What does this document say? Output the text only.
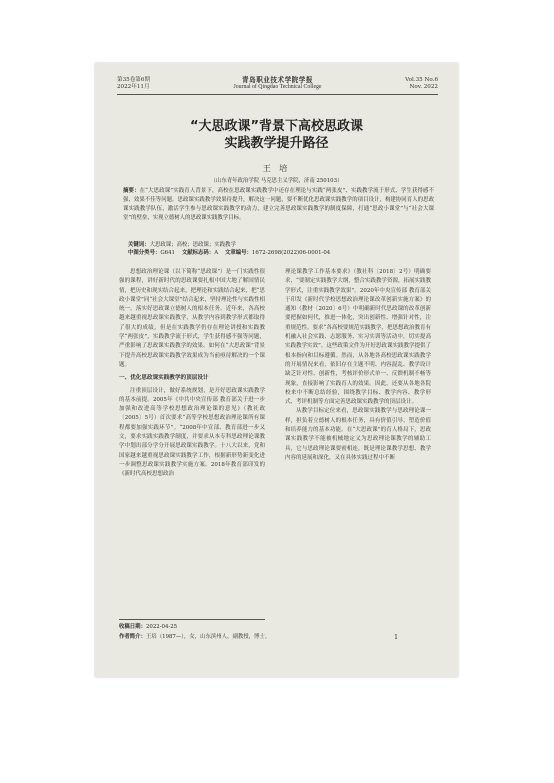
第35卷第6期
2022年11月
青岛职业技术学院学报
Journal of Qingdao Technical College
Vol.35 No.6
Nov. 2022
“大思政课”背景下高校思政课
实践教学提升路径
王 培
（山东青年政治学院 马克思主义学院，济南 250103）
摘要：在“大思政课”实践育人背景下，高校在思政课实践教学中还存在理论与实践“两张皮”、实践教学流于形式、学生获得感不强、效果不佳等问题。思政课实践教学效果待提升，解决这一问题，要不断优化思政课实践教学的项目设计，构建协同育人的思政课实践教学队伍，激活学生参与思政课实践教学的动力，建立完善思政课实践教学的制度保障，打通“思政小课堂”与“社会大课堂”的壁垒，实现立德树人的思政课实践教学目标。
关键词：大思政课；高校；思政课；实践教学
中图分类号：G641 文献标志码：A 文章编号：1672-2698(2022)06-0001-04

思想政治理论课（以下简称“思政课”）是一门实践性很强的课程，讲好新时代的思政课要扎根中国大地了解国情民情，把历史和现实结合起来，把理论和实践结合起来，把“思政小课堂”同“社会大课堂”结合起来，坚持理论性与实践性相统一。落实好思政课立德树人的根本任务。近年来，各高校越来越重视思政课实践教学，从教学内容到教学形式都取得了很大的成绩，但是在实践教学仍存在理论讲授和实践教学“两张皮”，实践教学流于形式，学生获得感不强等问题，严重影响了思政课实践教学的效果。如何在“大思政课”背景下提升高校思政课实践教学效果成为当前亟待解决的一个课题。

一、优化思政课实践教学的顶层设计

注重顶层设计，做好系统规划，是开好思政课实践教学的基本前提。2005年《中共中央宣传部 教育部关于进一步加强和改进高等学校思想政治理论课的意见》（教社政〔2005〕5号）首次要求“高等学校思想政治理论课所有课程都要加强实践环节”。“2008年中宣部、教育部进一步又文，要求实践实践教学制度，并要求从本专科思政理论课教学中划出部分学分开展思政课实践教学。十八大以来，党和国家越来越重视思政课实践教学工作，根据新形势新变化进一步调整思政课实践教学实施方案。2018年教育部印发的《新时代高校思想政治

理论课教学工作基本要求》（教社科〔2018〕2号）明确要求，“要制定实践教学大纲，整合实践教学资源，拓展实践教学形式，注重实践教学效果”。2020年中央宣传部 教育部关于印发《新时代学校思想政治理论课改革创新实施方案》的通知（教材〔2020〕6号）中明确新时代思政课的改革创新要把握如何代，推进一体化，突出创新性、增强针对性，注重规范性。要求“各高校要规范实践教学，把思想政治教育有机融入社会实践、志愿服务、实习实训等活动中，切实提高实践教学实效”。这些政策文件为开好思政课实践教学提供了根本指向和目标遵循。然而，从各地各高校思政课实践教学的开展情况来看，依旧存在主题不明、内容混乱、教学设计缺乏针对性、创新性，考核评价形式单一、反馈机制不畅等现象，直接影响了实践育人的效果。因此，还要从各地各院校来中不断总结经验，围绕教学目标、教学内容、教学形式、考评机制等方面完善思政课实践教学的顶层设计。

从教学目标定位来看，思政课实践教学与思政理论课一样，担负着立德树人的根本任务，具有价值引导、塑造价值和培养能力的基本功能。在“大思政课”的育人格局下，思政课实践教学不能被机械地定义为思政理论课教学的辅助工具，它与思政理论课要密相连，既是理论课教学思想、教学内容的延展和深化，又在具体实践过程中不断

收稿日期：2022-04-25
作者简介：王培（1987—），女，山东滨州人，副教授，博士。	1
